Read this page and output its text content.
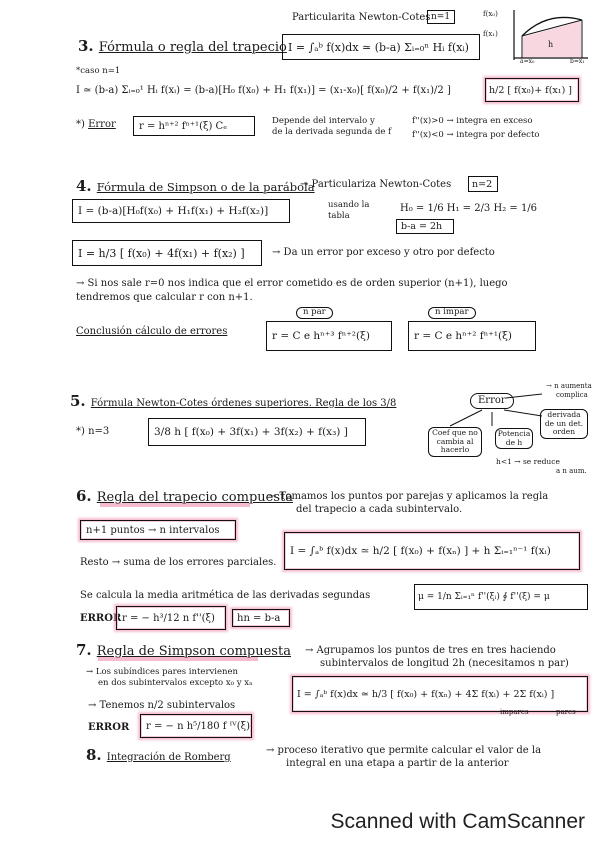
Particularita Newton-Cotes n=1	f(x₀)
f(x₁)
h
a=x₀	b=x₁
3. Fórmula o regla del trapecio I = ∫ₐᵇ f(x)dx ≃ (b-a) Σᵢ₌₀ⁿ Hᵢ f(xᵢ)
*caso n=1
I ≃ (b-a) Σᵢ₌₀¹ Hᵢ f(xᵢ) = (b-a)[H₀ f(x₀) + H₁ f(x₁)] = (x₁-x₀)[ f(x₀)/2 + f(x₁)/2 ]	h/2 [ f(x₀)+ f(x₁) ]
*) Error	r = hⁿ⁺² fⁿ⁺¹(ξ) Cₑ	Depende del intervalo y
de la derivada segunda de f
f''(x)>0 → integra en exceso
f''(x)<0 → integra por defecto
4. Fórmula de Simpson o de la parábola
→ Particulariza Newton-Cotes	n=2
I = (b-a)[H₀f(x₀) + H₁f(x₁) + H₂f(x₂)]	usando la
tabla
H₀ = 1/6 H₁ = 2/3 H₂ = 1/6
b-a = 2h
I = h/3 [ f(x₀) + 4f(x₁) + f(x₂) ]	→ Da un error por exceso y otro por defecto
→ Si nos sale r=0 nos indica que el error cometido es de orden superior (n+1), luego
tendremos que calcular r con n+1.
n par	n impar
Conclusión cálculo de errores	r = C e hⁿ⁺³ fⁿ⁺²(ξ)	r = C e hⁿ⁺² fⁿ⁺¹(ξ)
5. Fórmula Newton-Cotes órdenes superiores. Regla de los 3/8
*) n=3	3/8 h [ f(x₀) + 3f(x₁) + 3f(x₂) + f(x₃) ]
Error
→ n aumenta
complica
Coef que no cambia al hacerlo
Potencia de h
derivada de un det. orden
h<1 → se reduce
a n aum.
6. Regla del trapecio compuesta
→ Tomamos los puntos por parejas y aplicamos la regla
del trapecio a cada subintervalo.
n+1 puntos → n intervalos
Resto → suma de los errores parciales.
I = ∫ₐᵇ f(x)dx ≃ h/2 [ f(x₀) + f(xₙ) ] + h Σᵢ₌₁ⁿ⁻¹ f(xᵢ)
Se calcula la media aritmética de las derivadas segundas	μ = 1/n Σᵢ₌₁ⁿ f''(ξᵢ) ∮ f''(ξ) = μ
ERROR r = − h³/12 n f''(ξ)	hn = b-a
7. Regla de Simpson compuesta → Agrupamos los puntos de tres en tres haciendo
subintervalos de longitud 2h (necesitamos n par)
→ Los subíndices pares intervienen
en dos subintervalos excepto x₀ y xₙ
→ Tenemos n/2 subintervalos
I = ∫ₐᵇ f(x)dx ≃ h/3 [ f(x₀) + f(xₙ) + 4Σ f(xᵢ) + 2Σ f(xᵢ) ]
impares	pares
ERROR	r = − n h⁵/180 f ᴵⱽ(ξ)
8. Integración de Romberg
→ proceso iterativo que permite calcular el valor de la
integral en una etapa a partir de la anterior
Scanned with CamScanner
